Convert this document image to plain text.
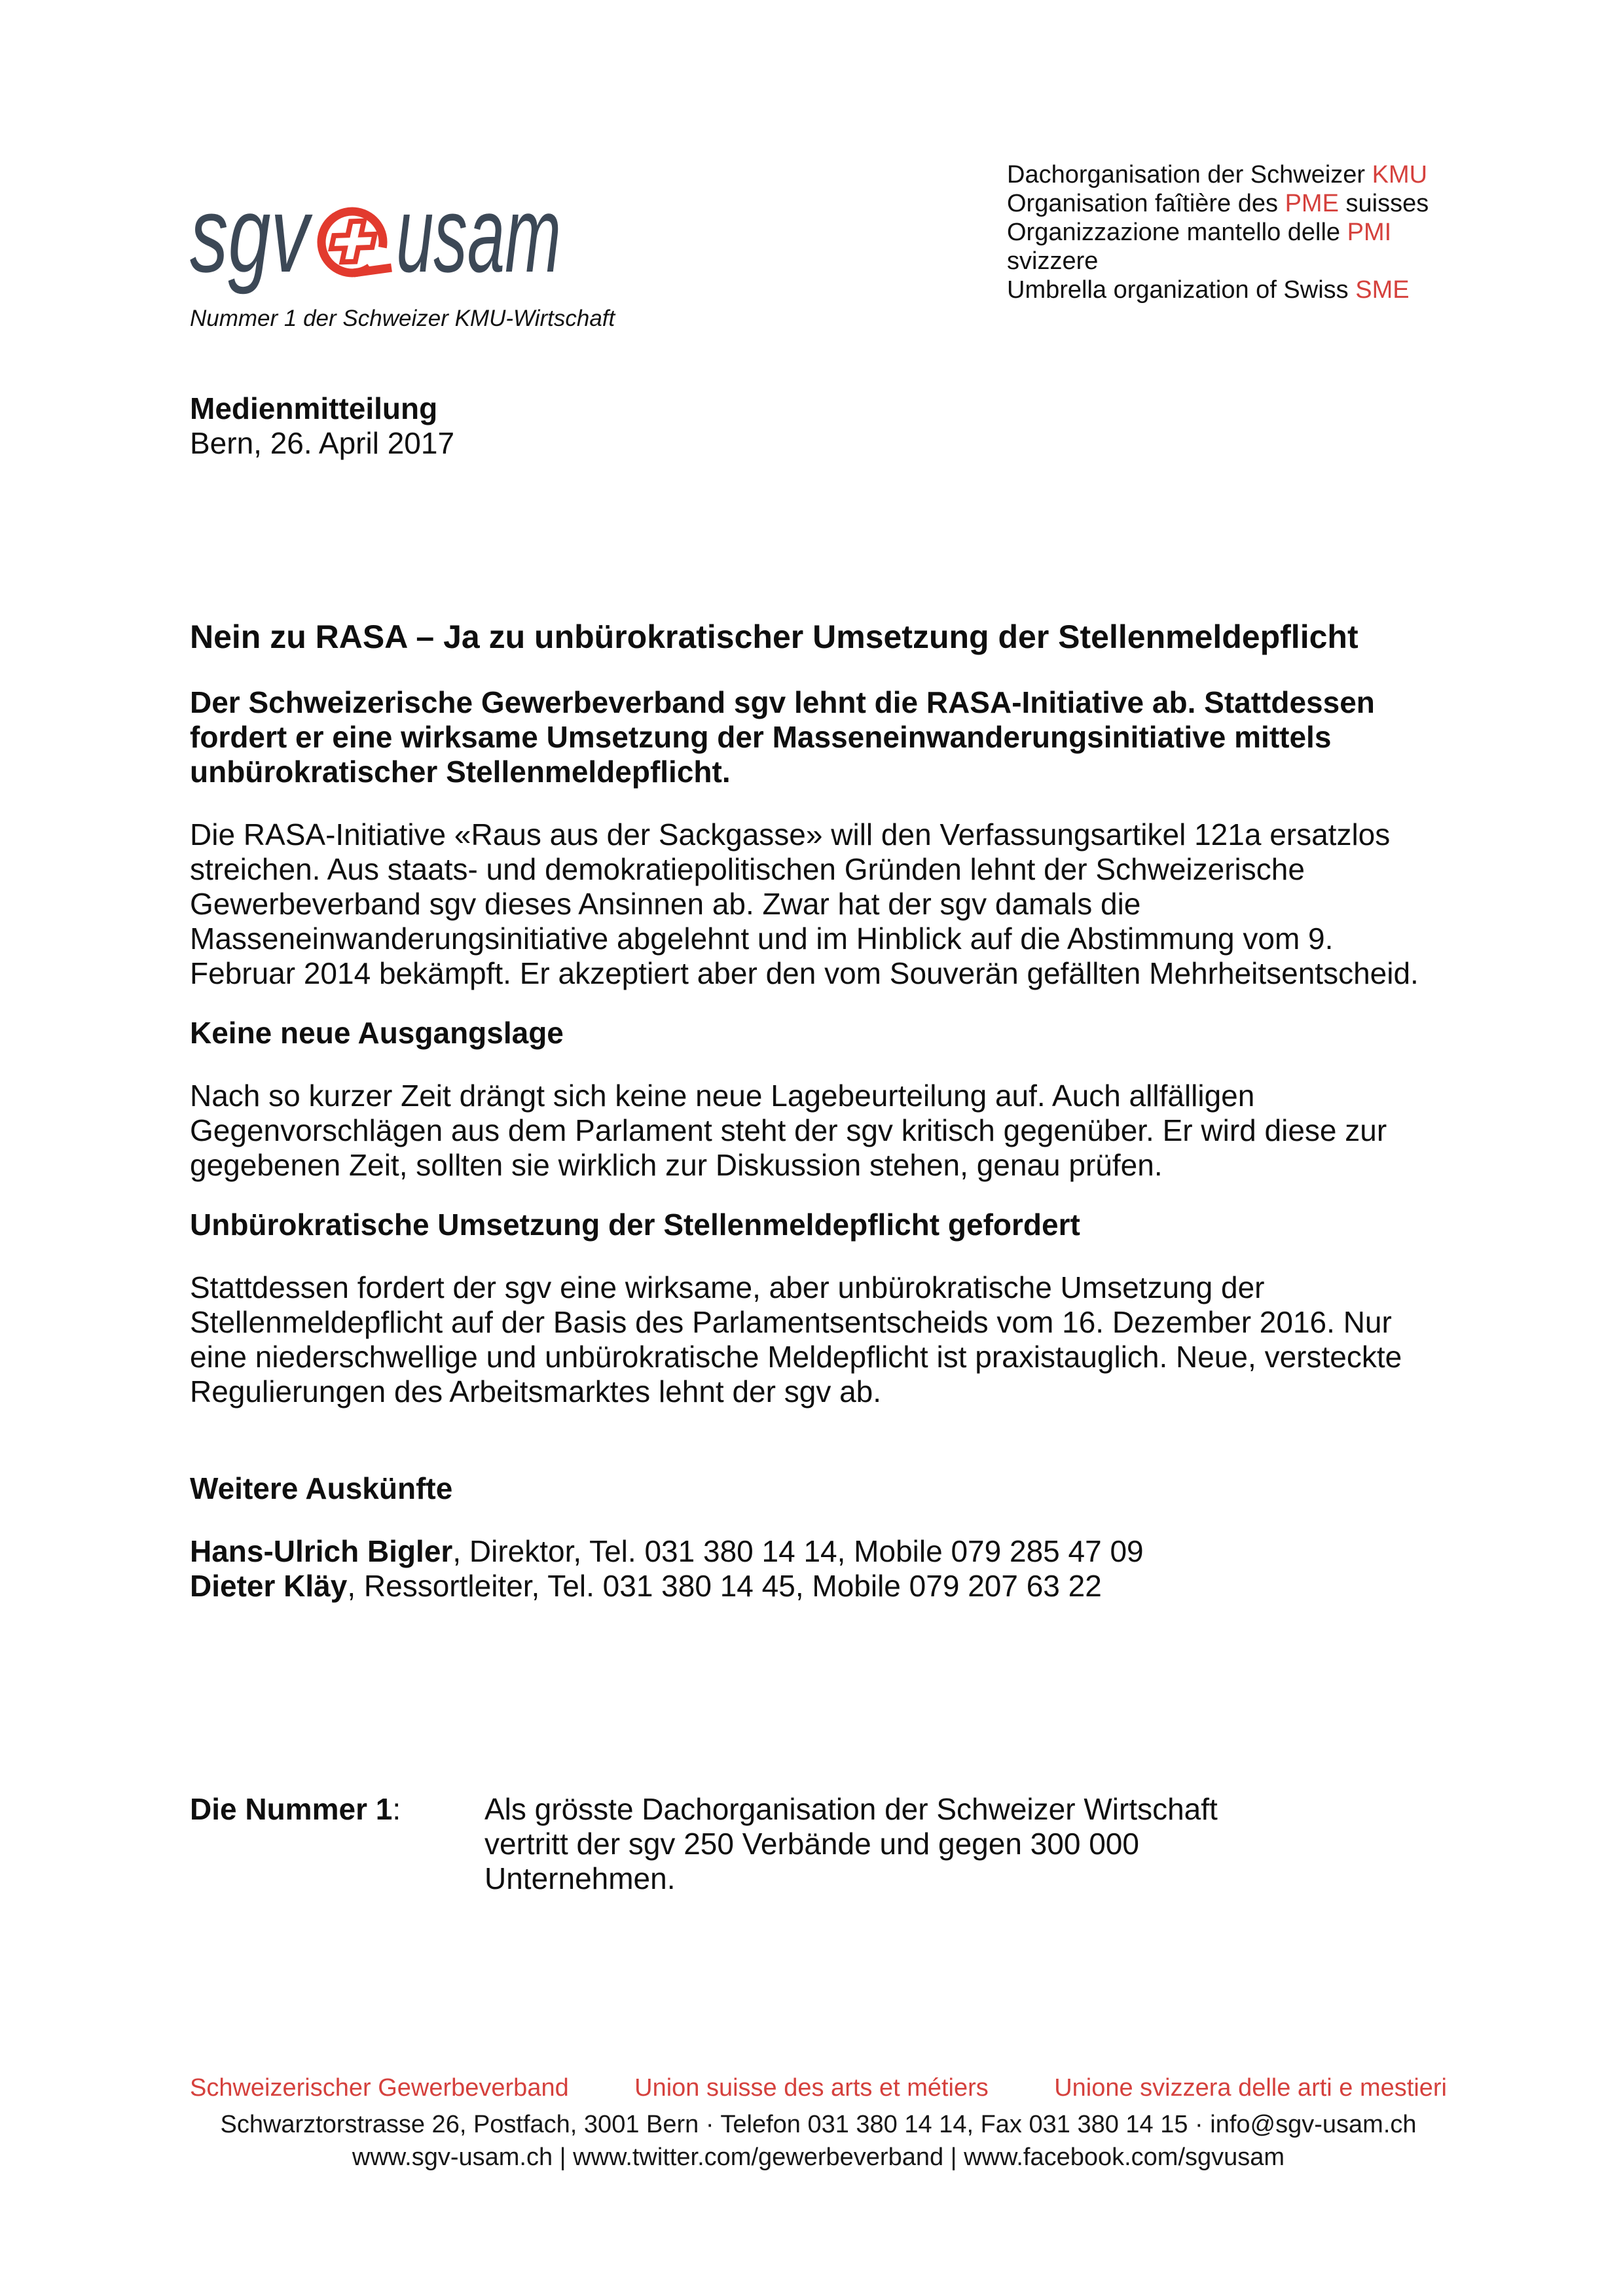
sgv usam
Nummer 1 der Schweizer KMU-Wirtschaft
Dachorganisation der Schweizer KMU
Organisation faîtière des PME suisses
Organizzazione mantello delle PMI svizzere
Umbrella organization of Swiss SME
Medienmitteilung
Bern, 26. April 2017
Nein zu RASA – Ja zu unbürokratischer Umsetzung der Stellenmeldepflicht

Der Schweizerische Gewerbeverband sgv lehnt die RASA-Initiative ab. Stattdessen fordert er eine wirksame Umsetzung der Masseneinwanderungsinitiative mittels unbürokratischer Stellenmeldepflicht.

Die RASA-Initiative «Raus aus der Sackgasse» will den Verfassungsartikel 121a ersatzlos streichen. Aus staats- und demokratiepolitischen Gründen lehnt der Schweizerische Gewerbeverband sgv dieses Ansinnen ab. Zwar hat der sgv damals die Masseneinwanderungsinitiative abgelehnt und im Hinblick auf die Abstimmung vom 9. Februar 2014 bekämpft. Er akzeptiert aber den vom Souverän gefällten Mehrheitsentscheid.

Keine neue Ausgangslage

Nach so kurzer Zeit drängt sich keine neue Lagebeurteilung auf. Auch allfälligen Gegenvorschlägen aus dem Parlament steht der sgv kritisch gegenüber. Er wird diese zur gegebenen Zeit, sollten sie wirklich zur Diskussion stehen, genau prüfen.

Unbürokratische Umsetzung der Stellenmeldepflicht gefordert

Stattdessen fordert der sgv eine wirksame, aber unbürokratische Umsetzung der Stellenmeldepflicht auf der Basis des Parlamentsentscheids vom 16. Dezember 2016. Nur eine niederschwellige und unbürokratische Meldepflicht ist praxistauglich. Neue, versteckte Regulierungen des Arbeitsmarktes lehnt der sgv ab.

Weitere Auskünfte
Hans-Ulrich Bigler, Direktor, Tel. 031 380 14 14, Mobile 079 285 47 09
Dieter Kläy, Ressortleiter, Tel. 031 380 14 45, Mobile 079 207 63 22
Die Nummer 1:	Als grösste Dachorganisation der Schweizer Wirtschaft vertritt der sgv 250 Verbände und gegen 300 000 Unternehmen.
Schweizerischer Gewerbeverband	Union suisse des arts et métiers	Unione svizzera delle arti e mestieri
Schwarztorstrasse 26, Postfach, 3001 Bern · Telefon 031 380 14 14, Fax 031 380 14 15 · info@sgv-usam.ch
www.sgv-usam.ch | www.twitter.com/gewerbeverband | www.facebook.com/sgvusam
